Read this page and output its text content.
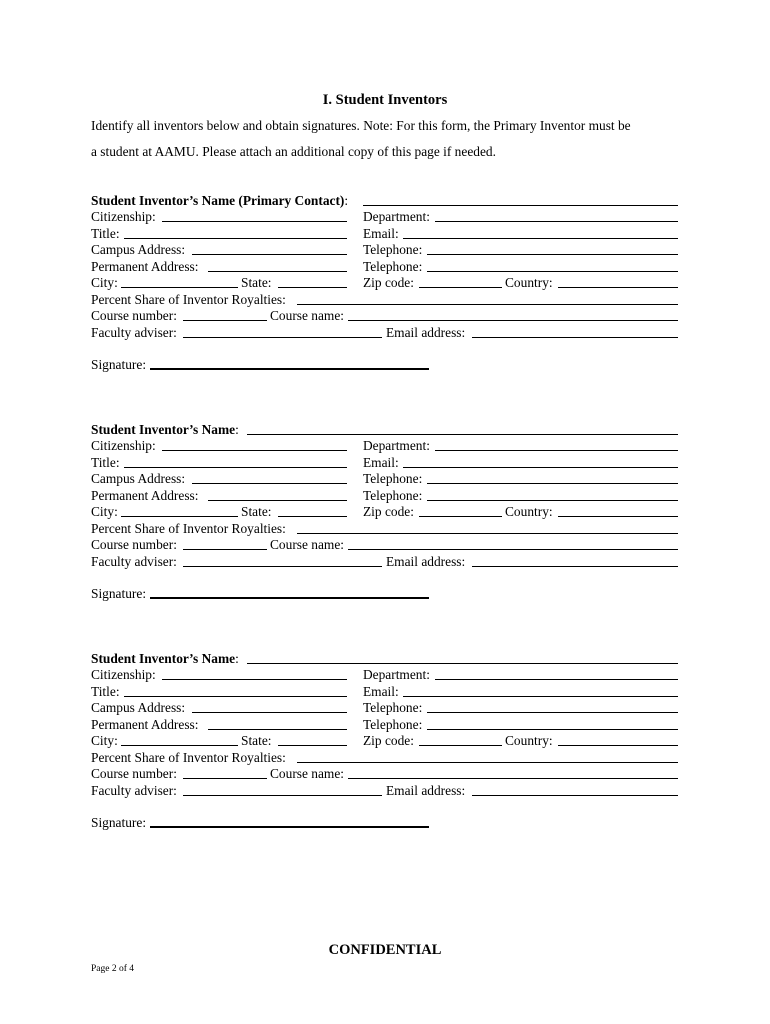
I. Student Inventors

Identify all inventors below and obtain signatures. Note: For this form, the Primary Inventor must be

a student at AAMU. Please attach an additional copy of this page if needed.

Student Inventor’s Name (Primary Contact):
Citizenship:	Department:
Title:	Email:
Campus Address:	Telephone:
Permanent Address:	Telephone:
City:	State:	Zip code:	Country:
Percent Share of Inventor Royalties:
Course number:	Course name:
Faculty adviser:	Email address:
Signature:
Student Inventor’s Name:
Citizenship:	Department:
Title:	Email:
Campus Address:	Telephone:
Permanent Address:	Telephone:
City:	State:	Zip code:	Country:
Percent Share of Inventor Royalties:
Course number:	Course name:
Faculty adviser:	Email address:
Signature:
Student Inventor’s Name:
Citizenship:	Department:
Title:	Email:
Campus Address:	Telephone:
Permanent Address:	Telephone:
City:	State:	Zip code:	Country:
Percent Share of Inventor Royalties:
Course number:	Course name:
Faculty adviser:	Email address:
Signature:
CONFIDENTIAL
Page 2 of 4
